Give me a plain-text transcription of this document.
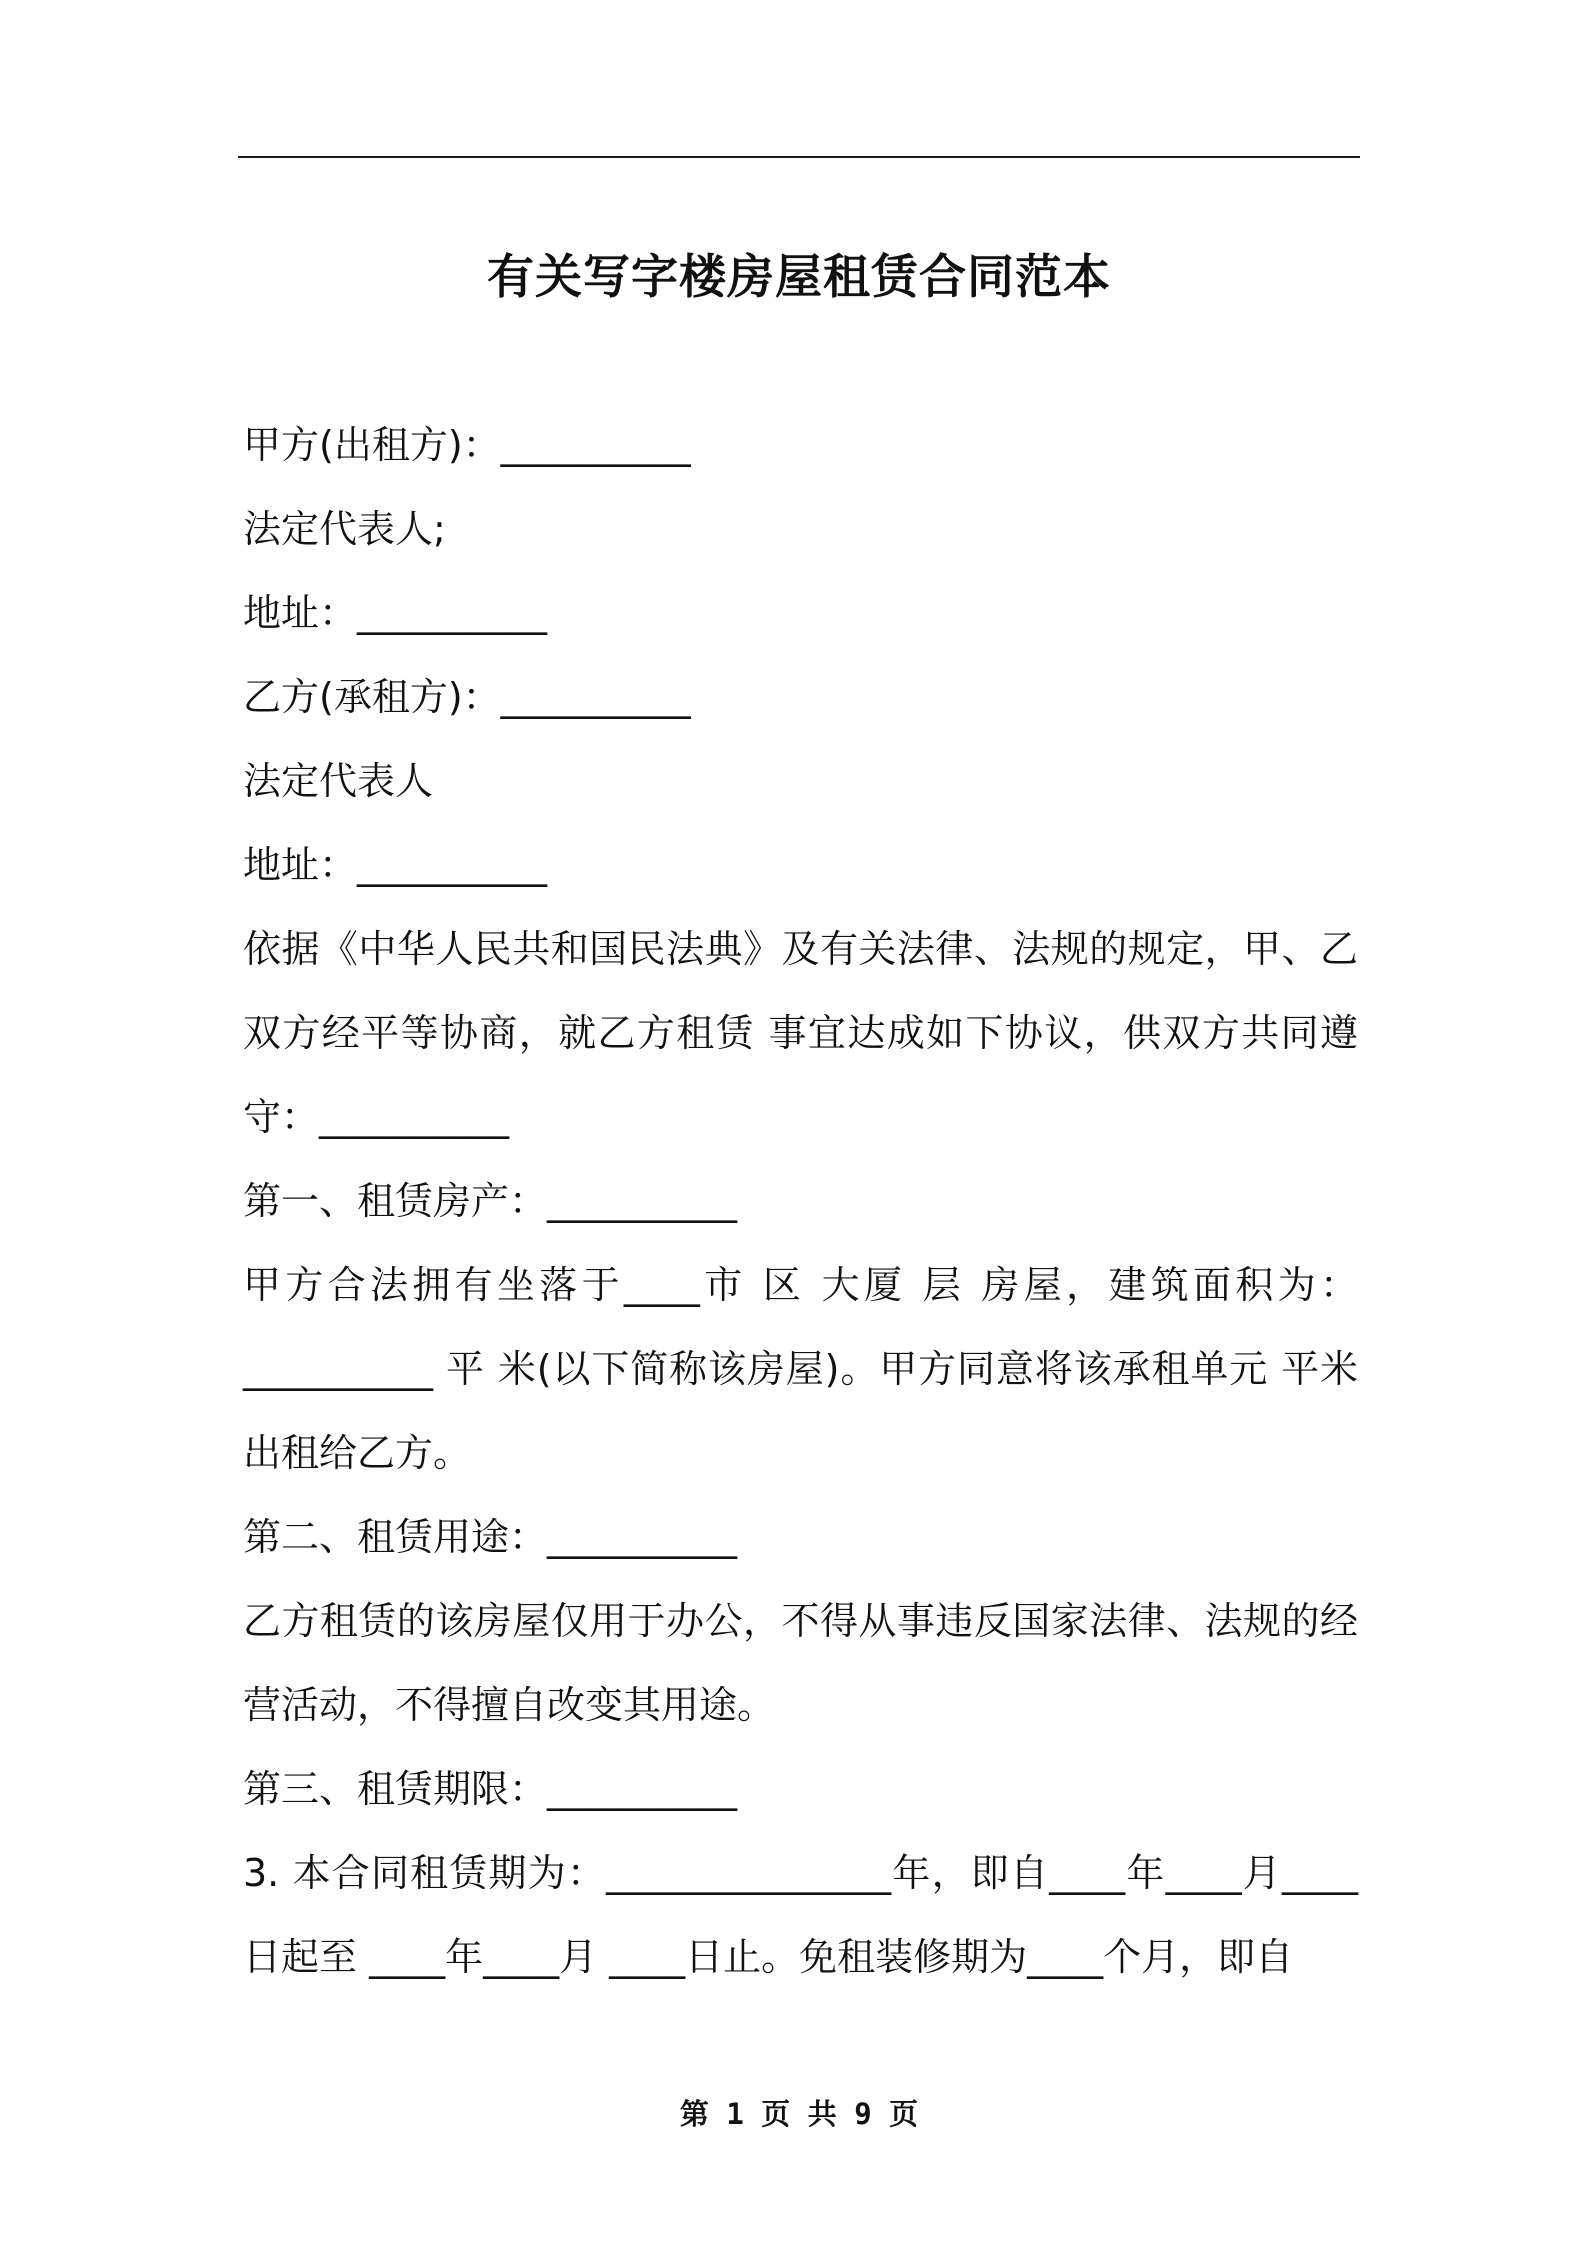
有关写字楼房屋租赁合同范本

甲方(出租方)：__________

法定代表人;

地址：__________

乙方(承租方)：__________

法定代表人

地址：__________

依据《中华人民共和国民法典》及有关法律、法规的规定，甲、乙双方经平等协商，就乙方租赁 事宜达成如下协议，供双方共同遵守：__________

第一、租赁房产：__________

甲方合法拥有坐落于____市 区 大厦 层 房屋，建筑面积为：__________ 平 米(以下简称该房屋)。甲方同意将该承租单元 平米出租给乙方。

第二、租赁用途：__________

乙方租赁的该房屋仅用于办公，不得从事违反国家法律、法规的经营活动，不得擅自改变其用途。

第三、租赁期限：__________

3. 本合同租赁期为：_______________年，即自____年____月____日起至 ____年____月 ____日止。免租装修期为____个月，即自

第 1 页 共 9 页
